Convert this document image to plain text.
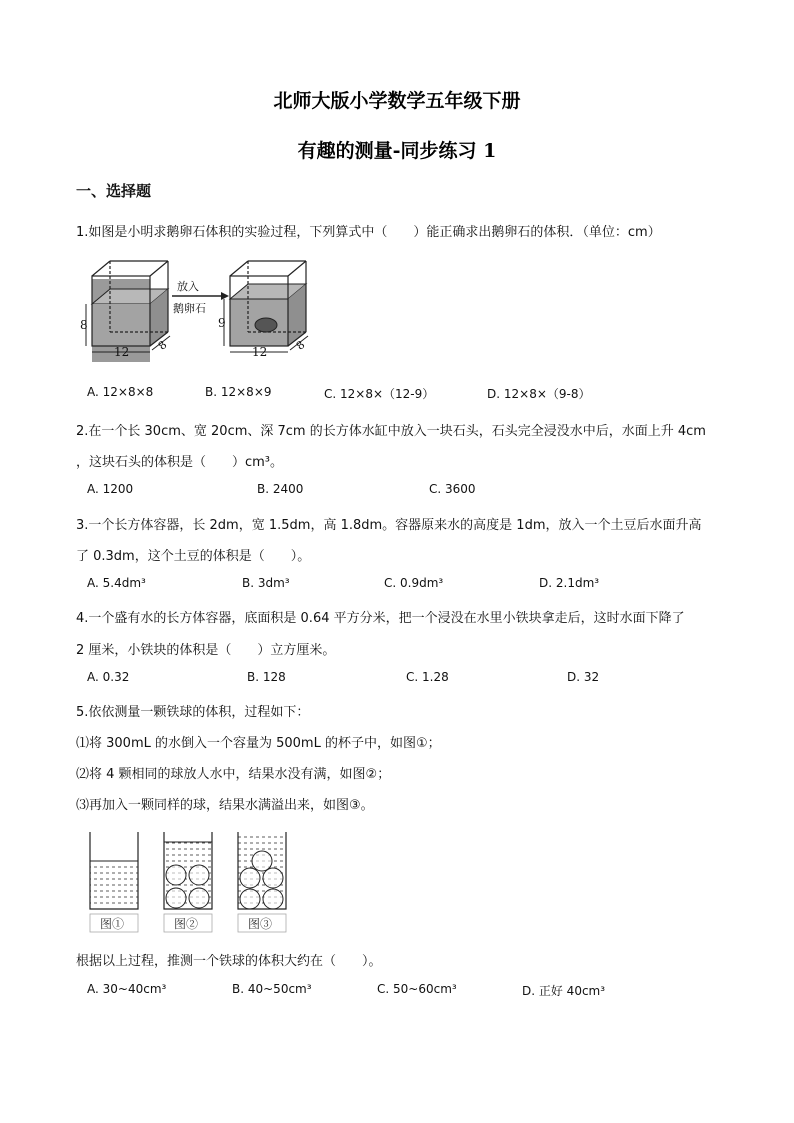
北师大版小学数学五年级下册
有趣的测量-同步练习 1
一、选择题
1.如图是小明求鹅卵石体积的实验过程，下列算式中（　　）能正确求出鹅卵石的体积．（单位：cm）
8
12 8
放入
鹅卵石
9
12 8
A. 12×8×8	B. 12×8×9	C. 12×8×（12-9）	D. 12×8×（9-8）
2.在一个长 30cm、宽 20cm、深 7cm 的长方体水缸中放入一块石头，石头完全浸没水中后，水面上升 4cm
，这块石头的体积是（　　）cm³。
A. 1200	B. 2400	C. 3600
3.一个长方体容器，长 2dm，宽 1.5dm，高 1.8dm。容器原来水的高度是 1dm，放入一个土豆后水面升高
了 0.3dm，这个土豆的体积是（　　）。
A. 5.4dm³	B. 3dm³	C. 0.9dm³	D. 2.1dm³
4.一个盛有水的长方体容器，底面积是 0.64 平方分米，把一个浸没在水里小铁块拿走后，这时水面下降了
2 厘米，小铁块的体积是（　　）立方厘米。
A. 0.32	B. 128	C. 1.28	D. 32
5.依依测量一颗铁球的体积，过程如下：
⑴将 300mL 的水倒入一个容量为 500mL 的杯子中，如图①；
⑵将 4 颗相同的球放人水中，结果水没有满，如图②；
⑶再加入一颗同样的球，结果水满溢出来，如图③。
图①	图②	图③
根据以上过程，推测一个铁球的体积大约在（　　）。
A. 30~40cm³	B. 40~50cm³	C. 50~60cm³	D. 正好 40cm³
